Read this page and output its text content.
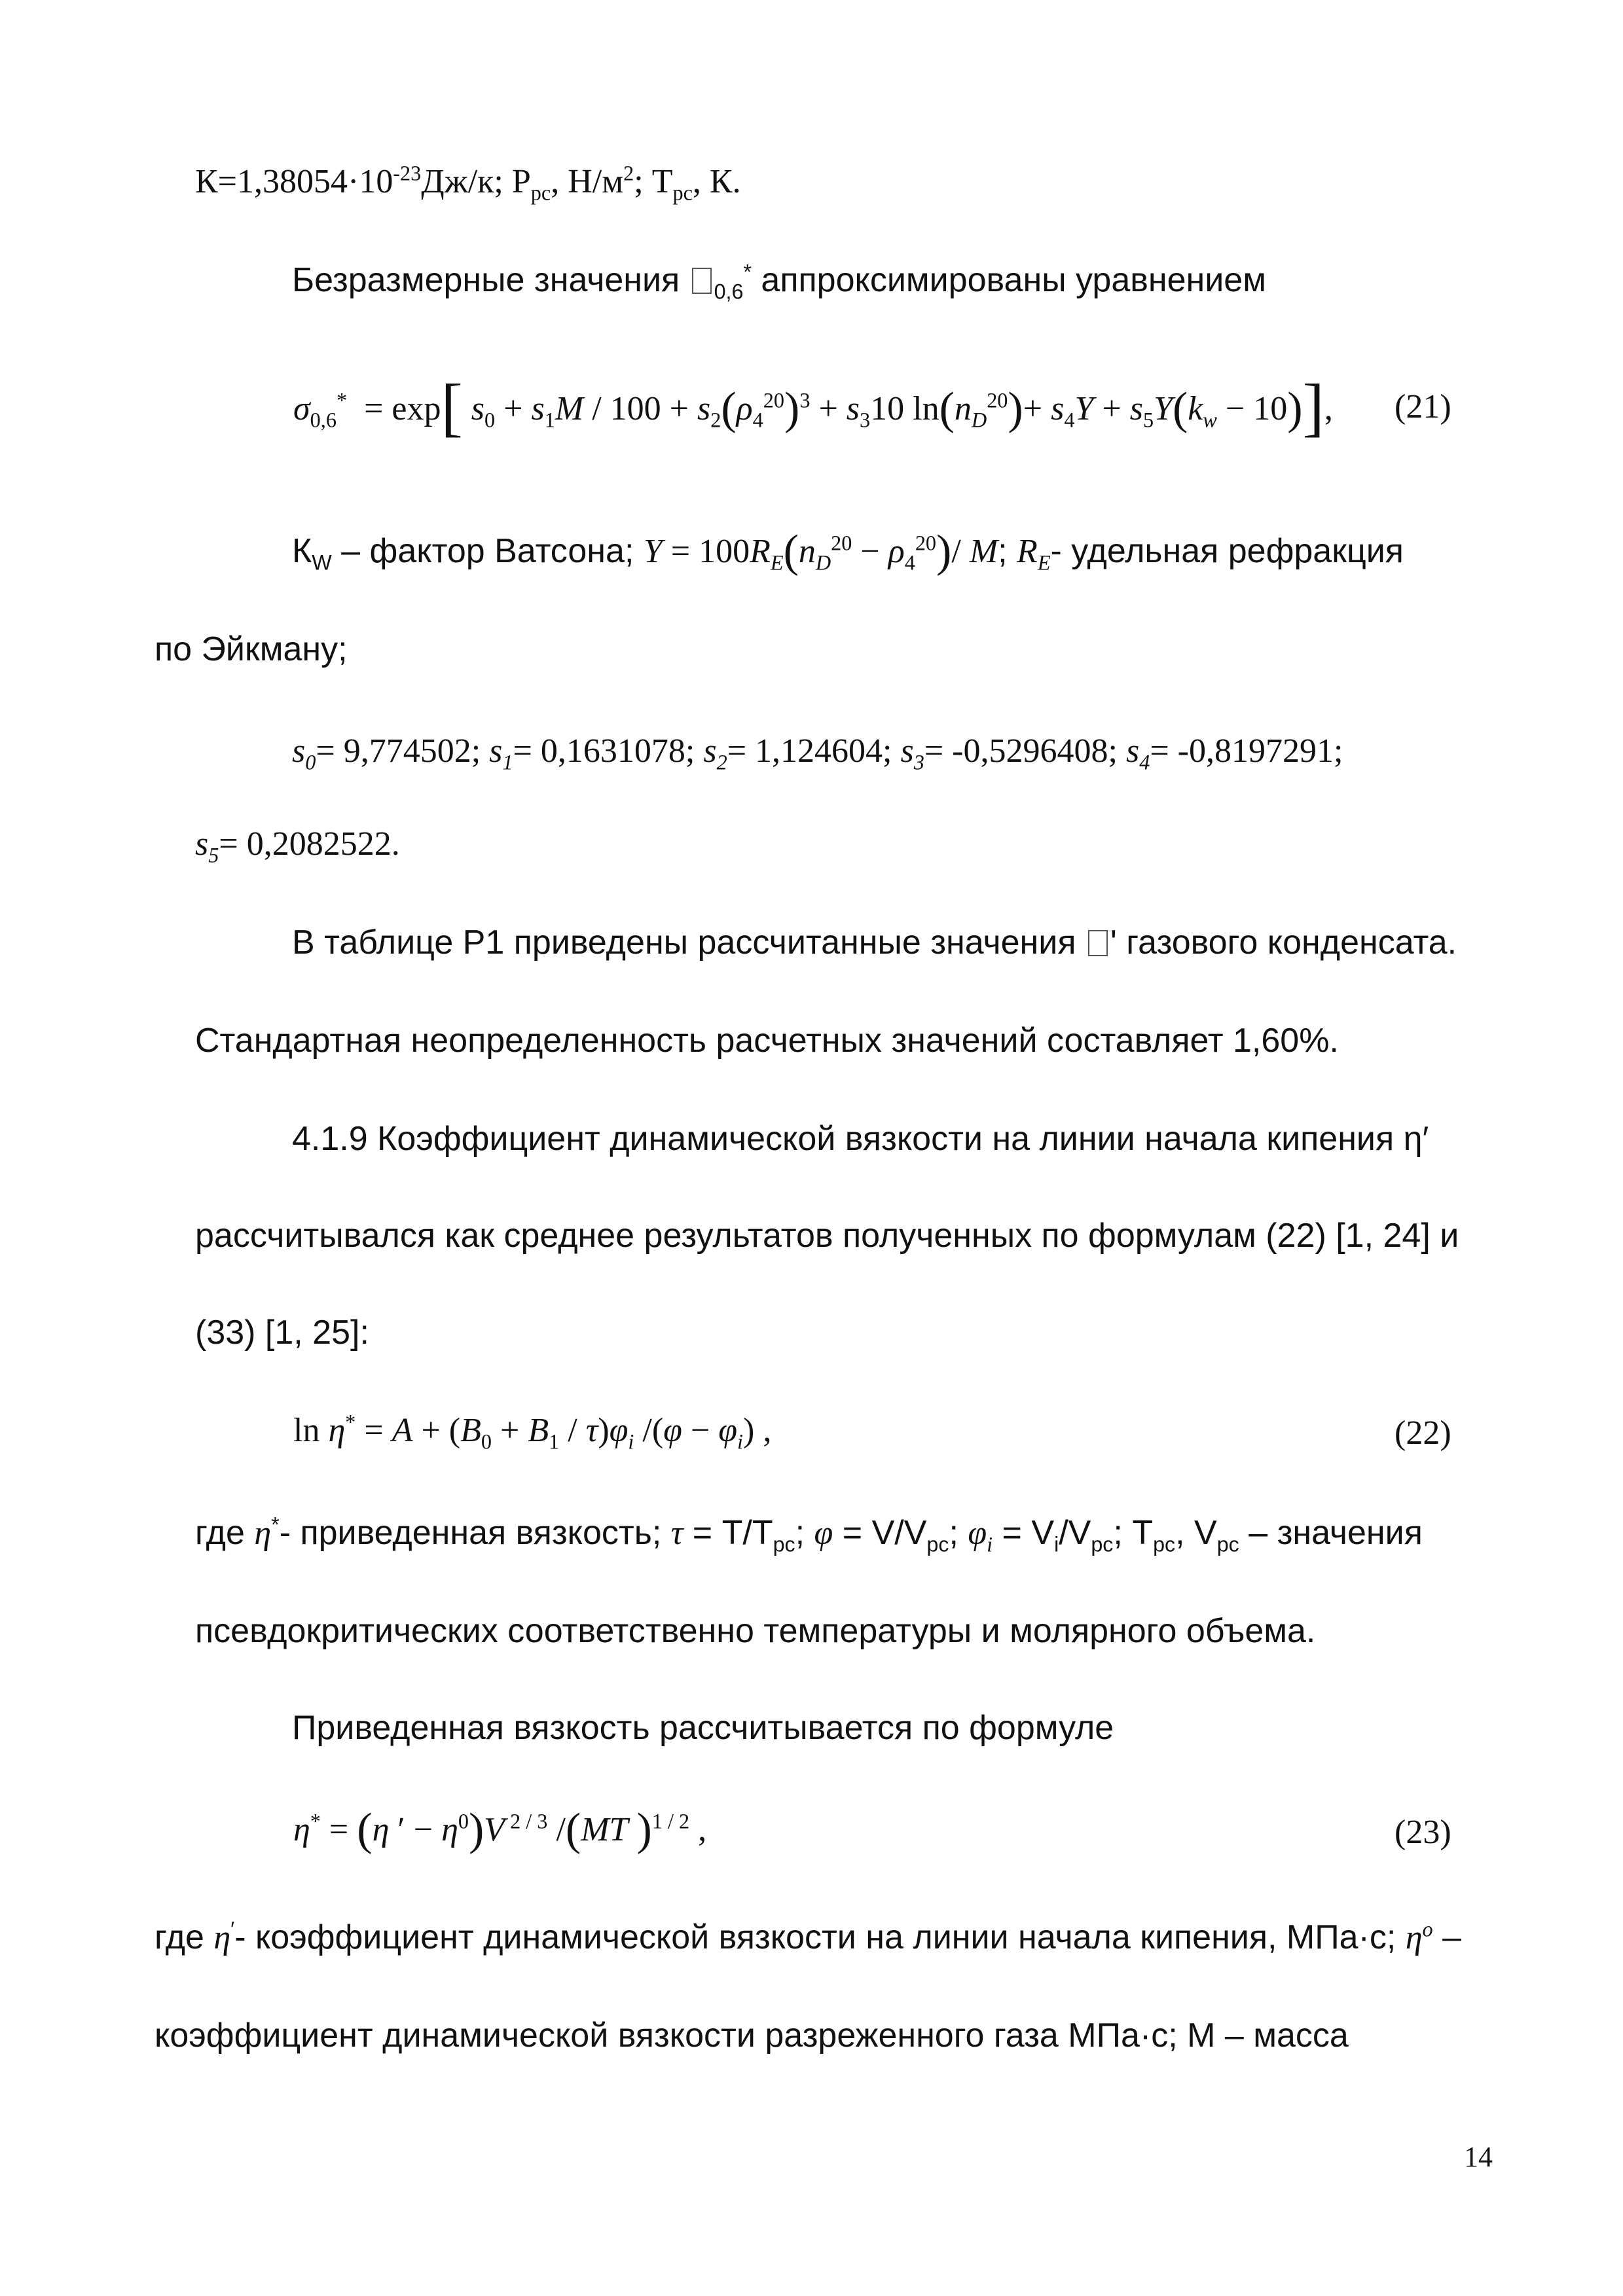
$К=1,38054\cdot 10^{-23}Дж/к$; $Р_{рс}$, $Н/м^2$; $Т_{рс}$, К.
Безразмерные значения $_{0,6}$* аппроксимированы уравнением
$\sigma_{0,6}^* = \exp$[ $s_0 + s_1M / 100 + s_2(\rho_4^{20})^3 + s_310$ $\ln(n_D^{20})+ s_4Y + s_5Y(k_w - 10)$], (21)
$К_W$ – фактор Ватсона; $Y = 100R_E(n_D^{20} - \rho_4^{20})/$ M; $R_E-$ удельная рефракция
по Эйкману;
$s_0= 9,774502$; $s_1= 0,1631078$; $s_2= 1,124604$; $s_3= -0,5296408$; $s_4= -0,8197291$;
$s_5= 0,2082522$.
В таблице Р1 приведены рассчитанные значения ' газового конденсата.
Стандартная неопределенность расчетных значений составляет 1,60%.
4.1.9 Коэффициент динамической вязкости на линии начала кипения η′
рассчитывался как среднее результатов полученных по формулам (22) [1, 24] и
(33) [1, 25]:
$\ln \eta^* = A + (B_0 + B_1 / \tau)\varphi_i$ $/(\varphi - \varphi_i)$ ,	(22)
где η*- приведенная вязкость; $\tau = Т/Т_{рс}$; $\varphi = V/V_{рс}$; $\varphi_i = V_i/V_{рс}$; $Т_{рс}$, $V_{рс}$ – значения
псевдокритических соответственно температуры и молярного объема.
Приведенная вязкость рассчитывается по формуле
η* = (η ′ − $\eta^0)V$ $^{2 / 3}$ /(MT )$^{1 / 2}$ ,	(23)
где η′- коэффициент динамической вязкости на линии начала кипения, МПа·с; $\eta^o$ –
коэффициент динамической вязкости разреженного газа МПа·с; М – масса
14
